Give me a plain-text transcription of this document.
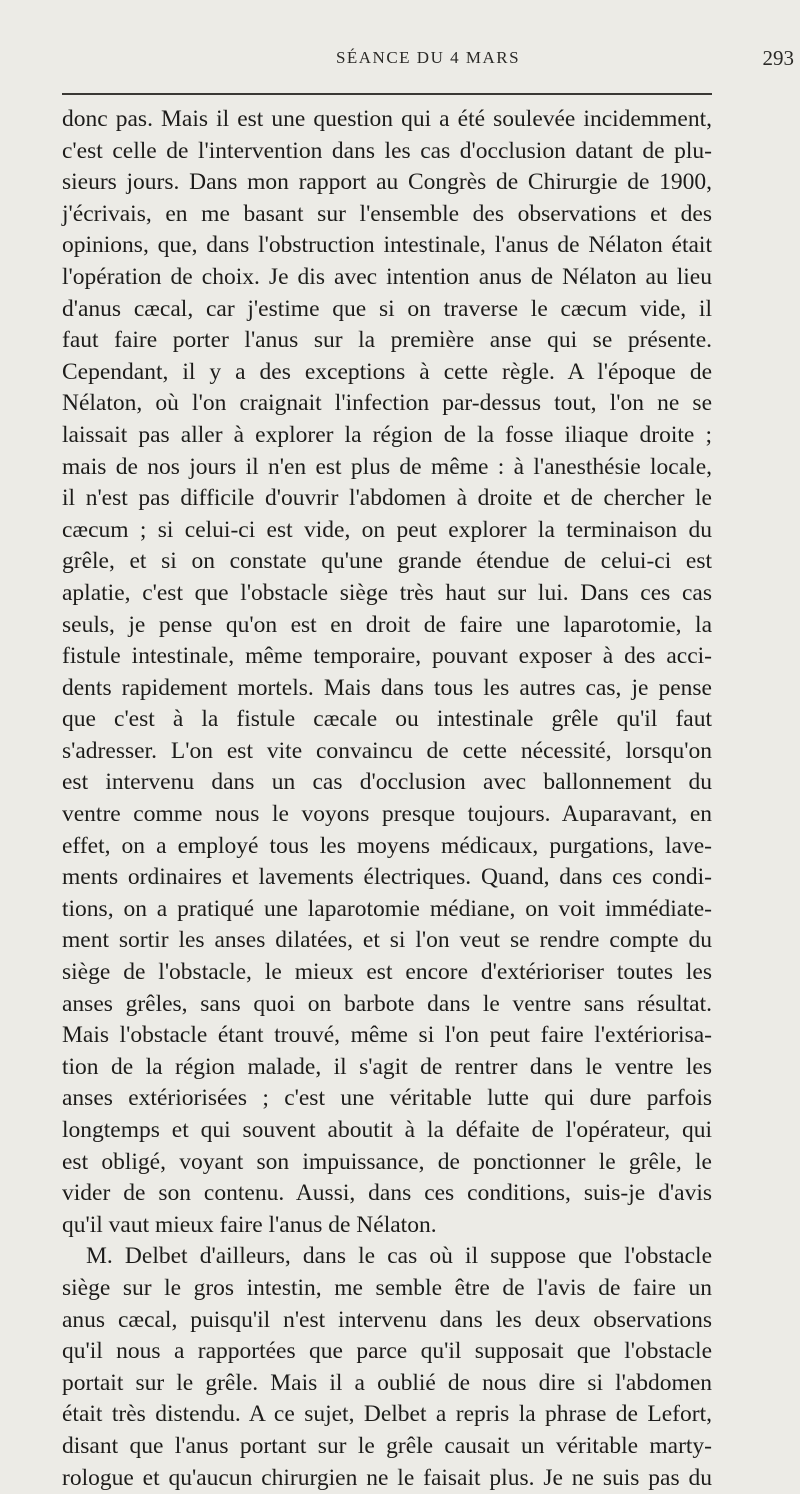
SÉANCE DU 4 MARS	293
donc pas. Mais il est une question qui a été soulevée incidemment,
c'est celle de l'intervention dans les cas d'occlusion datant de plu-
sieurs jours. Dans mon rapport au Congrès de Chirurgie de 1900,
j'écrivais, en me basant sur l'ensemble des observations et des
opinions, que, dans l'obstruction intestinale, l'anus de Nélaton était
l'opération de choix. Je dis avec intention anus de Nélaton au lieu
d'anus cæcal, car j'estime que si on traverse le cæcum vide, il
faut faire porter l'anus sur la première anse qui se présente.
Cependant, il y a des exceptions à cette règle. A l'époque de
Nélaton, où l'on craignait l'infection par-dessus tout, l'on ne se
laissait pas aller à explorer la région de la fosse iliaque droite ;
mais de nos jours il n'en est plus de même : à l'anesthésie locale,
il n'est pas difficile d'ouvrir l'abdomen à droite et de chercher le
cæcum ; si celui-ci est vide, on peut explorer la terminaison du
grêle, et si on constate qu'une grande étendue de celui-ci est
aplatie, c'est que l'obstacle siège très haut sur lui. Dans ces cas
seuls, je pense qu'on est en droit de faire une laparotomie, la
fistule intestinale, même temporaire, pouvant exposer à des acci-
dents rapidement mortels. Mais dans tous les autres cas, je pense
que c'est à la fistule cæcale ou intestinale grêle qu'il faut
s'adresser. L'on est vite convaincu de cette nécessité, lorsqu'on
est intervenu dans un cas d'occlusion avec ballonnement du
ventre comme nous le voyons presque toujours. Auparavant, en
effet, on a employé tous les moyens médicaux, purgations, lave-
ments ordinaires et lavements électriques. Quand, dans ces condi-
tions, on a pratiqué une laparotomie médiane, on voit immédiate-
ment sortir les anses dilatées, et si l'on veut se rendre compte du
siège de l'obstacle, le mieux est encore d'extérioriser toutes les
anses grêles, sans quoi on barbote dans le ventre sans résultat.
Mais l'obstacle étant trouvé, même si l'on peut faire l'extériorisa-
tion de la région malade, il s'agit de rentrer dans le ventre les
anses extériorisées ; c'est une véritable lutte qui dure parfois
longtemps et qui souvent aboutit à la défaite de l'opérateur, qui
est obligé, voyant son impuissance, de ponctionner le grêle, le
vider de son contenu. Aussi, dans ces conditions, suis-je d'avis
qu'il vaut mieux faire l'anus de Nélaton.
M. Delbet d'ailleurs, dans le cas où il suppose que l'obstacle
siège sur le gros intestin, me semble être de l'avis de faire un
anus cæcal, puisqu'il n'est intervenu dans les deux observations
qu'il nous a rapportées que parce qu'il supposait que l'obstacle
portait sur le grêle. Mais il a oublié de nous dire si l'abdomen
était très distendu. A ce sujet, Delbet a repris la phrase de Lefort,
disant que l'anus portant sur le grêle causait un véritable marty-
rologue et qu'aucun chirurgien ne le faisait plus. Je ne suis pas du
